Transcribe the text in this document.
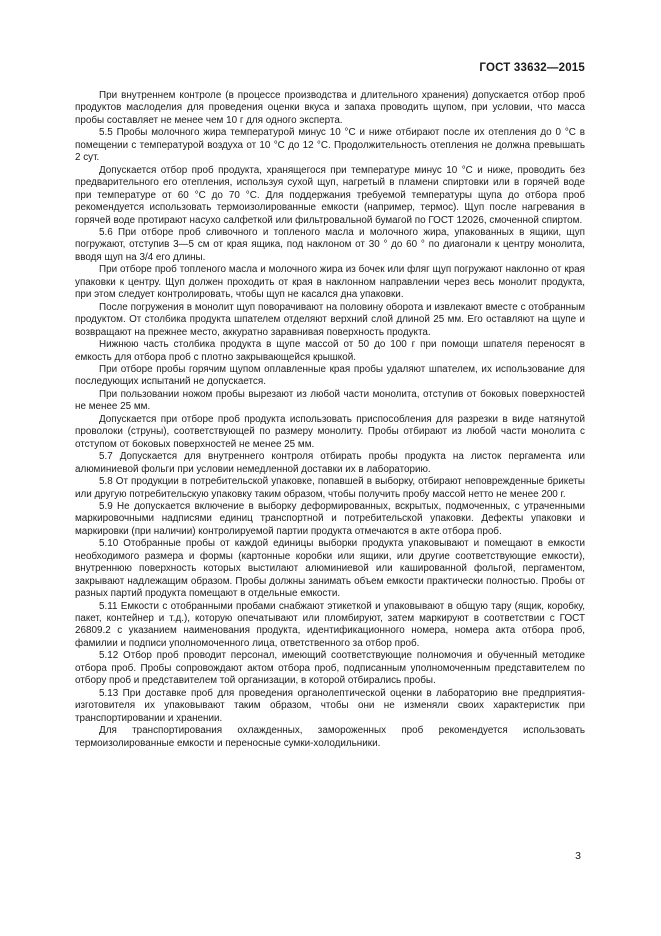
ГОСТ 33632—2015

При внутреннем контроле (в процессе производства и длительного хранения) допускается отбор проб продуктов маслоделия для проведения оценки вкуса и запаха проводить щупом, при условии, что масса пробы составляет не менее чем 10 г для одного эксперта.

5.5 Пробы молочного жира температурой минус 10 °С и ниже отбирают после их отепления до 0 °С в помещении с температурой воздуха от 10 °С до 12 °С. Продолжительность отепления не должна превышать 2 сут.

Допускается отбор проб продукта, хранящегося при температуре минус 10 °С и ниже, проводить без предварительного его отепления, используя сухой щуп, нагретый в пламени спиртовки или в горячей воде при температуре от 60 °С до 70 °С. Для поддержания требуемой температуры щупа до отбора проб рекомендуется использовать термоизолированные емкости (например, термос). Щуп после нагревания в горячей воде протирают насухо салфеткой или фильтровальной бумагой по ГОСТ 12026, смоченной спиртом.

5.6 При отборе проб сливочного и топленого масла и молочного жира, упакованных в ящики, щуп погружают, отступив 3—5 см от края ящика, под наклоном от 30 ° до 60 ° по диагонали к центру монолита, вводя щуп на 3/4 его длины.

При отборе проб топленого масла и молочного жира из бочек или фляг щуп погружают наклонно от края упаковки к центру. Щуп должен проходить от края в наклонном направлении через весь монолит продукта, при этом следует контролировать, чтобы щуп не касался дна упаковки.

После погружения в монолит щуп поворачивают на половину оборота и извлекают вместе с отобранным продуктом. От столбика продукта шпателем отделяют верхний слой длиной 25 мм. Его оставляют на щупе и возвращают на прежнее место, аккуратно заравнивая поверхность продукта.

Нижнюю часть столбика продукта в щупе массой от 50 до 100 г при помощи шпателя переносят в емкость для отбора проб с плотно закрывающейся крышкой.

При отборе пробы горячим щупом оплавленные края пробы удаляют шпателем, их использование для последующих испытаний не допускается.

При пользовании ножом пробы вырезают из любой части монолита, отступив от боковых поверхностей не менее 25 мм.

Допускается при отборе проб продукта использовать приспособления для разрезки в виде натянутой проволоки (струны), соответствующей по размеру монолиту. Пробы отбирают из любой части монолита с отступом от боковых поверхностей не менее 25 мм.

5.7 Допускается для внутреннего контроля отбирать пробы продукта на листок пергамента или алюминиевой фольги при условии немедленной доставки их в лабораторию.

5.8 От продукции в потребительской упаковке, попавшей в выборку, отбирают неповрежденные брикеты или другую потребительскую упаковку таким образом, чтобы получить пробу массой нетто не менее 200 г.

5.9 Не допускается включение в выборку деформированных, вскрытых, подмоченных, с утраченными маркировочными надписями единиц транспортной и потребительской упаковки. Дефекты упаковки и маркировки (при наличии) контролируемой партии продукта отмечаются в акте отбора проб.

5.10 Отобранные пробы от каждой единицы выборки продукта упаковывают и помещают в емкости необходимого размера и формы (картонные коробки или ящики, или другие соответствующие емкости), внутреннюю поверхность которых выстилают алюминиевой или кашированной фольгой, пергаментом, закрывают надлежащим образом. Пробы должны занимать объем емкости практически полностью. Пробы от разных партий продукта помещают в отдельные емкости.

5.11 Емкости с отобранными пробами снабжают этикеткой и упаковывают в общую тару (ящик, коробку, пакет, контейнер и т.д.), которую опечатывают или пломбируют, затем маркируют в соответствии с ГОСТ 26809.2 с указанием наименования продукта, идентификационного номера, номера акта отбора проб, фамилии и подписи уполномоченного лица, ответственного за отбор проб.

5.12 Отбор проб проводит персонал, имеющий соответствующие полномочия и обученный методике отбора проб. Пробы сопровождают актом отбора проб, подписанным уполномоченным представителем по отбору проб и представителем той организации, в которой отбирались пробы.

5.13 При доставке проб для проведения органолептической оценки в лабораторию вне предприятия-изготовителя их упаковывают таким образом, чтобы они не изменяли своих характеристик при транспортировании и хранении.

Для транспортирования охлажденных, замороженных проб рекомендуется использовать термоизолированные емкости и переносные сумки-холодильники.

3
